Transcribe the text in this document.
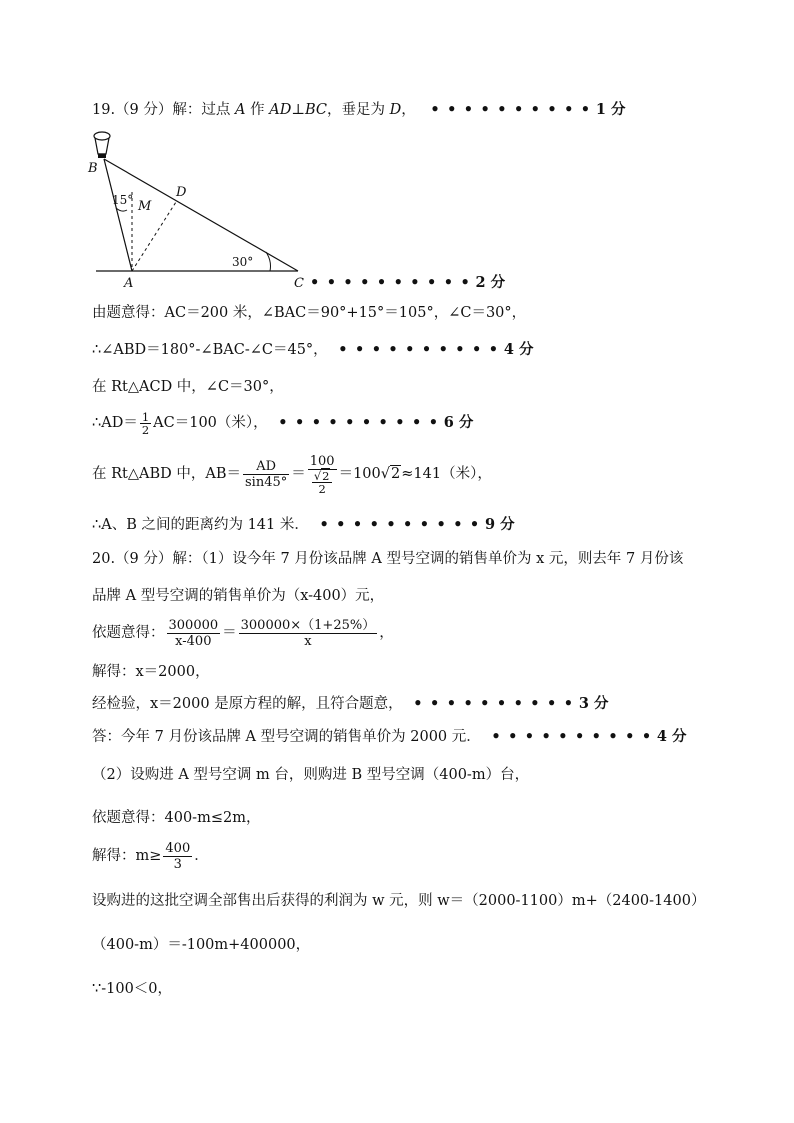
19.（9 分）解：过点 A 作 AD⊥BC，垂足为 D， • • • • • • • • • • 1 分
B
D
M
A	C
15°
30°
• • • • • • • • • • 2 分
由题意得：AC＝200 米，∠BAC＝90°+15°＝105°，∠C＝30°，
∴∠ABD＝180°-∠BAC-∠C＝45°， • • • • • • • • • • 4 分
在 Rt△ACD 中，∠C＝30°，
∴AD＝ $\frac{1}{2} AC=100$（米）， • • • • • • • • • • 6 分
在 Rt△ABD 中，$AB= \frac{AD}{\sin 45^\circ} = \frac{100}{\frac{√2}{2}} =100√2\approx 141$（米），
∴A、B 之间的距离约为 141 米． • • • • • • • • • • 9 分
20.（9 分）解：（1）设今年 7 月份该品牌 A 型号空调的销售单价为 x 元，则去年 7 月份该
品牌 A 型号空调的销售单价为（x-400）元，
依题意得： $\frac{300000}{x-400} = \frac{300000\times(1+25\%)}{x}$ ，
解得：x＝2000，
经检验，x＝2000 是原方程的解，且符合题意， • • • • • • • • • • 3 分
答：今年 7 月份该品牌 A 型号空调的销售单价为 2000 元． • • • • • • • • • • 4 分
（2）设购进 A 型号空调 m 台，则购进 B 型号空调（400-m）台，
依题意得：400-m≤2m，
解得：$m\ge \frac{400}{3}$ ．
设购进的这批空调全部售出后获得的利润为 w 元，则 w＝（2000-1100）m+（2400-1400）
（400-m）＝-100m+400000，
∵-100＜0，
